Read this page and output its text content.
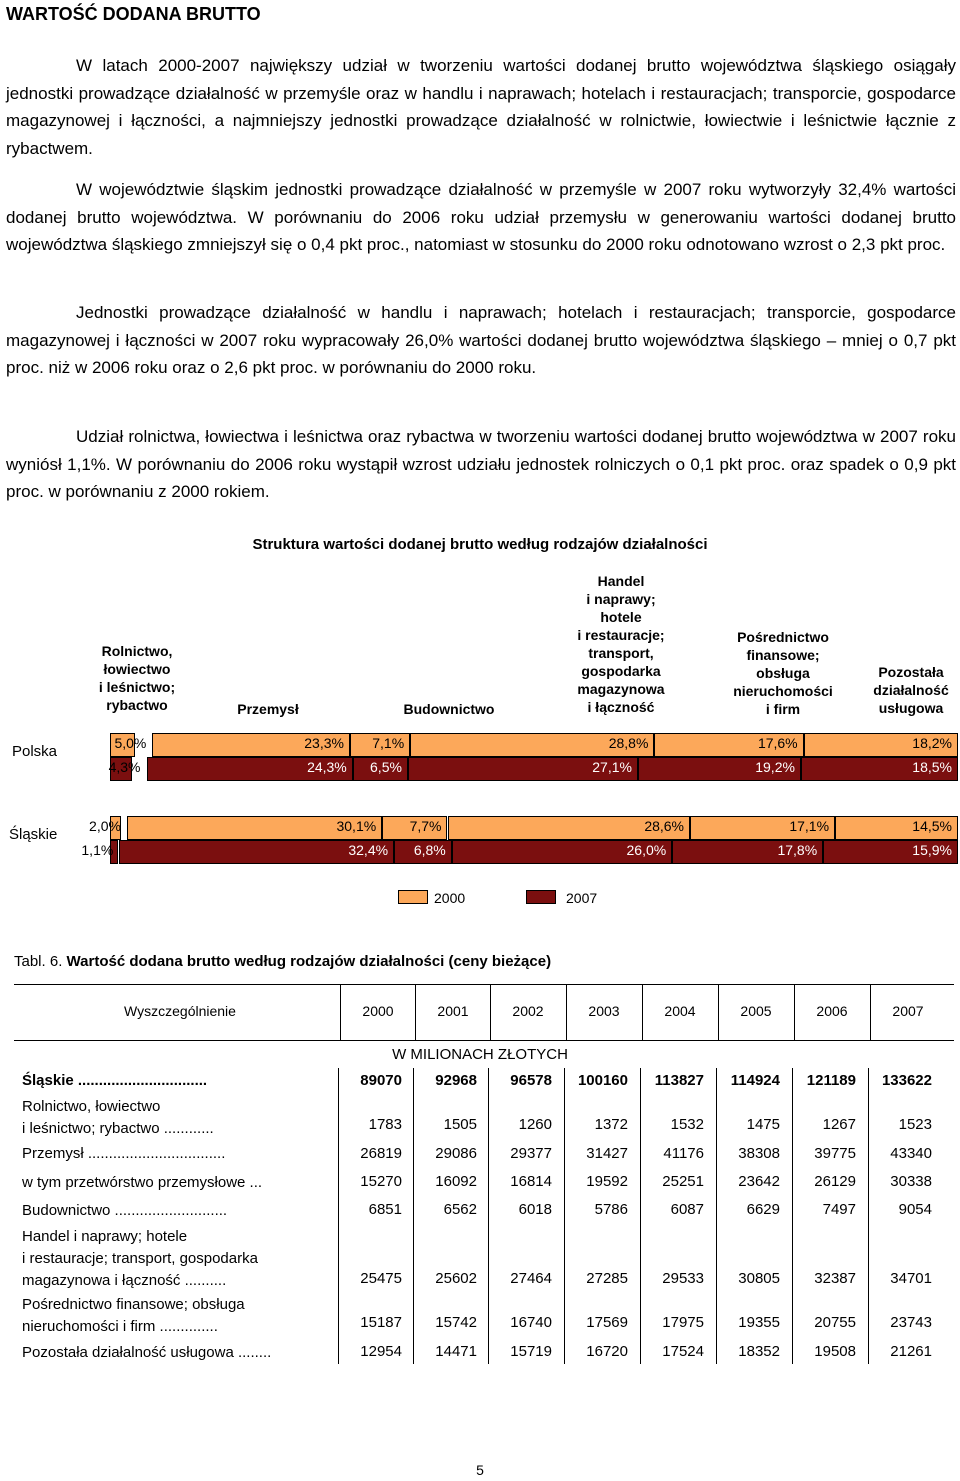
WARTOŚĆ DODANA BRUTTO

W latach 2000-2007 największy udział w tworzeniu wartości dodanej brutto województwa śląskiego osiągały jednostki prowadzące działalność w przemyśle oraz w handlu i naprawach; hotelach i restauracjach; transporcie, gospodarce magazynowej i łączności, a najmniejszy jednostki prowadzące działalność w rolnictwie, łowiectwie i leśnictwie łącznie z rybactwem.

W województwie śląskim jednostki prowadzące działalność w przemyśle w 2007 roku wytworzyły 32,4% wartości dodanej brutto województwa. W porównaniu do 2006 roku udział przemysłu w generowaniu wartości dodanej brutto województwa śląskiego zmniejszył się o 0,4 pkt proc., natomiast w stosunku do 2000 roku odnotowano wzrost o 2,3 pkt proc.

Jednostki prowadzące działalność w handlu i naprawach; hotelach i restauracjach; transporcie, gospodarce magazynowej i łączności w 2007 roku wypracowały 26,0% wartości dodanej brutto województwa śląskiego – mniej o 0,7 pkt proc. niż w 2006 roku oraz o 2,6 pkt proc. w porównaniu do 2000 roku.

Udział rolnictwa, łowiectwa i leśnictwa oraz rybactwa w tworzeniu wartości dodanej brutto województwa w 2007 roku wyniósł 1,1%. W porównaniu do 2006 roku wystąpił wzrost udziału jednostek rolniczych o 0,1 pkt proc. oraz spadek o 0,9 pkt proc. w porównaniu z 2000 rokiem.

Struktura wartości dodanej brutto według rodzajów działalności
Rolnictwo,
łowiectwo
i leśnictwo;
rybactwo	Przemysł	Budownictwo
Handel
i naprawy;
hotele
i restauracje;
transport,
gospodarka
magazynowa
i łączność
Pośrednictwo
finansowe;
obsługa
nieruchomości
i firm
Pozostała
działalność
usługowa
Polska	5,0%	23,3% 7,1%	28,8%	17,6%	18,2%
4,3%	24,3% 6,5%	27,1%	19,2%	18,5%
Śląskie 2,0%	30,1% 7,7%	28,6%	17,1%	14,5%
1,1%	32,4% 6,8%	26,0%	17,8%	15,9%
2000	2007
Tabl. 6. Wartość dodana brutto według rodzajów działalności (ceny bieżące)
Wyszczególnienie	2000	2001	2002	2003	2004	2005	2006	2007
W MILIONACH ZŁOTYCH
Śląskie ...............................	89070	92968	96578	100160	113827	114924	121189	133622
Rolnictwo, łowiectwo
i leśnictwo; rybactwo ............	1783	1505	1260	1372	1532	1475	1267	1523
Przemysł .................................	26819	29086	29377	31427	41176	38308	39775	43340
w tym przetwórstwo przemysłowe ...	15270	16092	16814	19592	25251	23642	26129	30338
Budownictwo ...........................	6851	6562	6018	5786	6087	6629	7497	9054
Handel i naprawy; hotele
i restauracje; transport, gospodarka
magazynowa i łączność ..........	25475	25602	27464	27285	29533	30805	32387	34701
Pośrednictwo finansowe; obsługa
nieruchomości i firm ..............	15187	15742	16740	17569	17975	19355	20755	23743
Pozostała działalność usługowa ........	12954	14471	15719	16720	17524	18352	19508	21261
5
